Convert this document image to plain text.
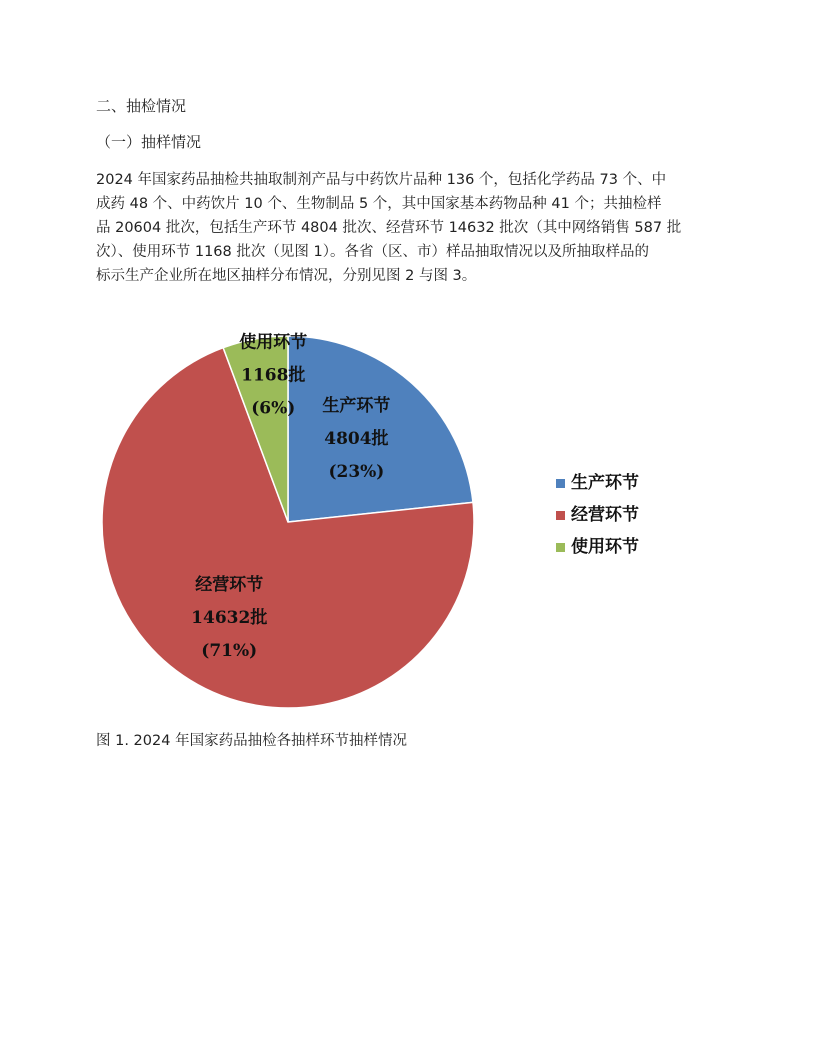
二、抽检情况
（一）抽样情况
2024 年国家药品抽检共抽取制剂产品与中药饮片品种 136 个，包括化学药品 73 个、中
成药 48 个、中药饮片 10 个、生物制品 5 个，其中国家基本药物品种 41 个；共抽检样
品 20604 批次，包括生产环节 4804 批次、经营环节 14632 批次（其中网络销售 587 批
次）、使用环节 1168 批次（见图 1）。各省（区、市）样品抽取情况以及所抽取样品的
标示生产企业所在地区抽样分布情况，分别见图 2 与图 3。
生产环节
4804批
(23%)
经营环节
14632批
(71%)
使用环节
1168批
(6%)
生产环节
经营环节
使用环节
图 1. 2024 年国家药品抽检各抽样环节抽样情况
